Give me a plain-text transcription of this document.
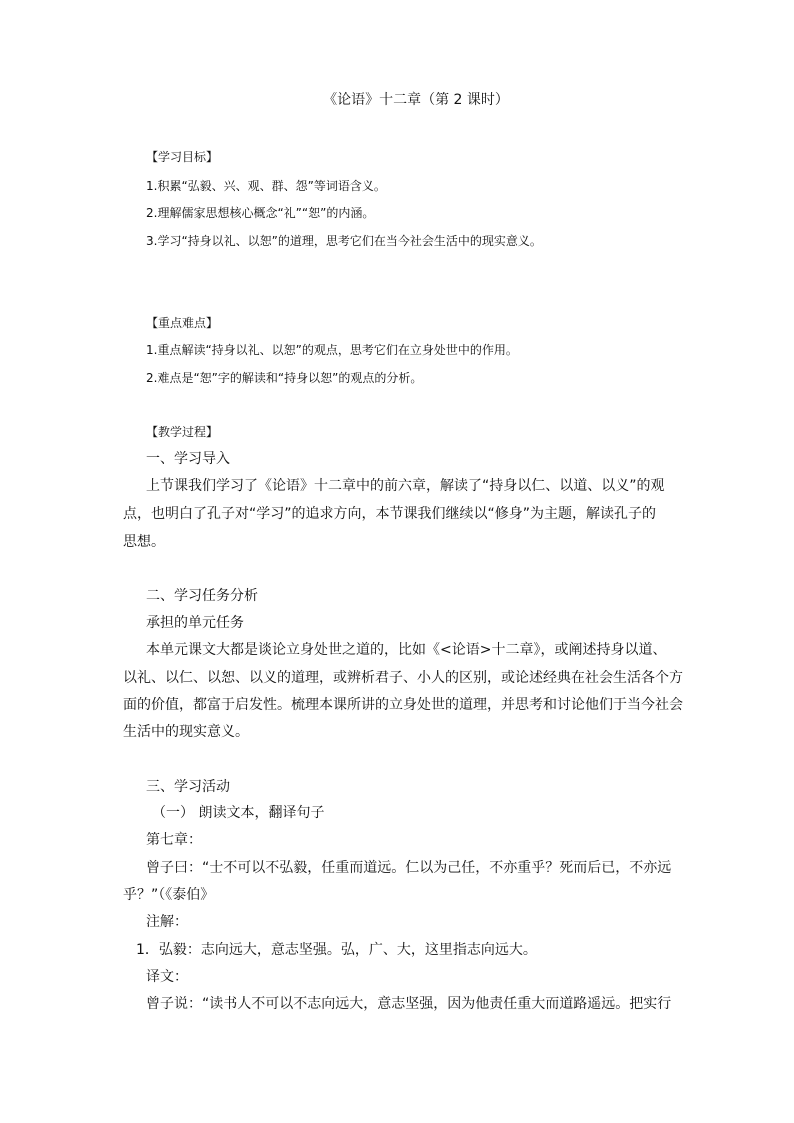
《论语》十二章（第 2 课时）
【学习目标】
1.积累“弘毅、兴、观、群、怨”等词语含义。
2.理解儒家思想核心概念“礼”“恕”的内涵。
3.学习“持身以礼、以恕”的道理，思考它们在当今社会生活中的现实意义。
【重点难点】
1.重点解读“持身以礼、以恕”的观点，思考它们在立身处世中的作用。
2.难点是“恕”字的解读和“持身以恕”的观点的分析。
【教学过程】
一、学习导入
上节课我们学习了《论语》十二章中的前六章，解读了“持身以仁、以道、以义”的观
点，也明白了孔子对“学习”的追求方向，本节课我们继续以“修身”为主题，解读孔子的
思想。
二、学习任务分析
承担的单元任务
本单元课文大都是谈论立身处世之道的，比如《<论语>十二章》，或阐述持身以道、
以礼、以仁、以恕、以义的道理，或辨析君子、小人的区别，或论述经典在社会生活各个方
面的价值，都富于启发性。梳理本课所讲的立身处世的道理，并思考和讨论他们于当今社会
生活中的现实意义。
三、学习活动
（一） 朗读文本，翻译句子
第七章：
曾子曰：“士不可以不弘毅，任重而道远。仁以为己任，不亦重乎？死而后已，不亦远
乎？”（《泰伯》
注解：
1．弘毅：志向远大，意志坚强。弘，广、大，这里指志向远大。
译文：
曾子说：“读书人不可以不志向远大，意志坚强，因为他责任重大而道路遥远。把实行
